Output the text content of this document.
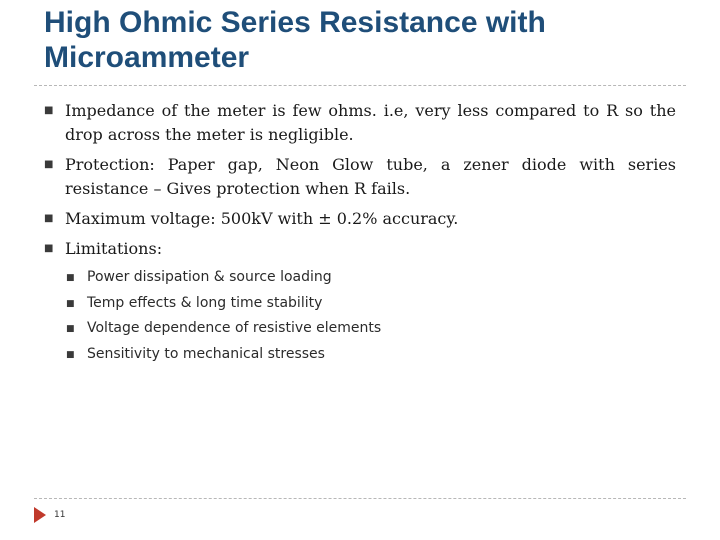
High Ohmic Series Resistance with Microammeter
■ Impedance of the meter is few ohms. i.e, very less compared to R so the drop across the meter is negligible.
■ Protection: Paper gap, Neon Glow tube, a zener diode with series resistance – Gives protection when R fails.
■ Maximum voltage: 500kV with ± 0.2% accuracy.
■ Limitations:
■ Power dissipation & source loading
■ Temp effects & long time stability
■ Voltage dependence of resistive elements
■ Sensitivity to mechanical stresses
11
